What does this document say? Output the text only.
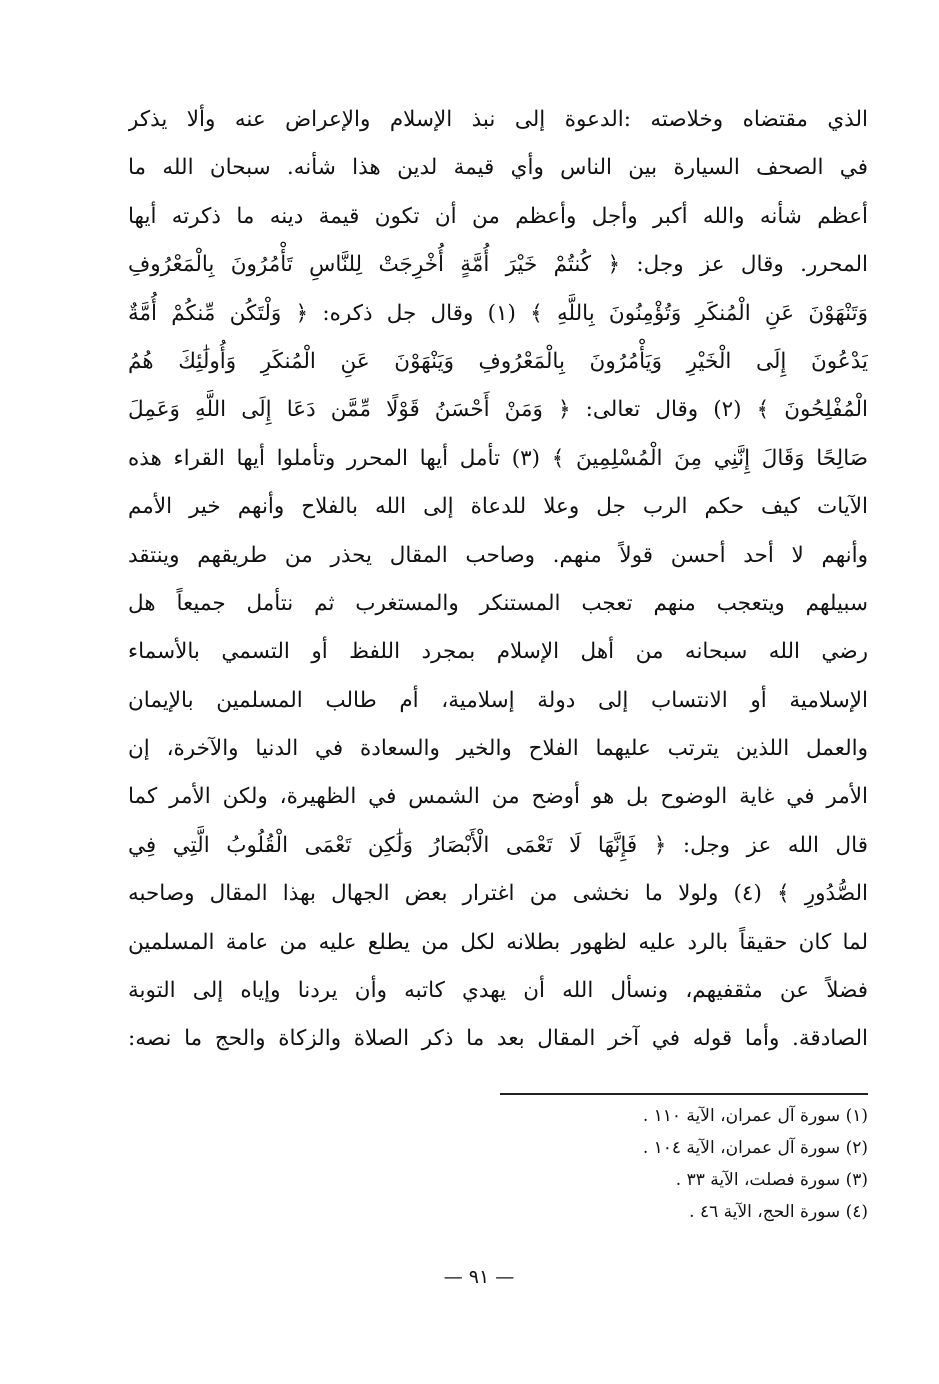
الذي مقتضاه وخلاصته :الدعوة إلى نبذ الإسلام والإعراض عنه وألا يذكر
في الصحف السيارة بين الناس وأي قيمة لدين هذا شأنه. سبحان الله ما
أعظم شأنه والله أكبر وأجل وأعظم من أن تكون قيمة دينه ما ذكرته أيها
المحرر. وقال عز وجل: ﴿ كُنتُمْ خَيْرَ أُمَّةٍ أُخْرِجَتْ لِلنَّاسِ تَأْمُرُونَ بِالْمَعْرُوفِ
وَتَنْهَوْنَ عَنِ الْمُنكَرِ وَتُؤْمِنُونَ بِاللَّهِ ﴾ (١) وقال جل ذكره: ﴿ وَلْتَكُن مِّنكُمْ أُمَّةٌ
يَدْعُونَ إِلَى الْخَيْرِ وَيَأْمُرُونَ بِالْمَعْرُوفِ وَيَنْهَوْنَ عَنِ الْمُنكَرِ وَأُولَٰئِكَ هُمُ
الْمُفْلِحُونَ ﴾ (٢) وقال تعالى: ﴿ وَمَنْ أَحْسَنُ قَوْلًا مِّمَّن دَعَا إِلَى اللَّهِ وَعَمِلَ
صَالِحًا وَقَالَ إِنَّنِي مِنَ الْمُسْلِمِينَ ﴾ (٣) تأمل أيها المحرر وتأملوا أيها القراء هذه
الآيات كيف حكم الرب جل وعلا للدعاة إلى الله بالفلاح وأنهم خير الأمم
وأنهم لا أحد أحسن قولاً منهم. وصاحب المقال يحذر من طريقهم وينتقد
سبيلهم ويتعجب منهم تعجب المستنكر والمستغرب ثم نتأمل جميعاً هل
رضي الله سبحانه من أهل الإسلام بمجرد اللفظ أو التسمي بالأسماء
الإسلامية أو الانتساب إلى دولة إسلامية، أم طالب المسلمين بالإيمان
والعمل اللذين يترتب عليهما الفلاح والخير والسعادة في الدنيا والآخرة، إن
الأمر في غاية الوضوح بل هو أوضح من الشمس في الظهيرة، ولكن الأمر كما
قال الله عز وجل: ﴿ فَإِنَّهَا لَا تَعْمَى الْأَبْصَارُ وَلَٰكِن تَعْمَى الْقُلُوبُ الَّتِي فِي
الصُّدُورِ ﴾ (٤) ولولا ما نخشى من اغترار بعض الجهال بهذا المقال وصاحبه
لما كان حقيقاً بالرد عليه لظهور بطلانه لكل من يطلع عليه من عامة المسلمين
فضلاً عن مثقفيهم، ونسأل الله أن يهدي كاتبه وأن يردنا وإياه إلى التوبة
الصادقة. وأما قوله في آخر المقال بعد ما ذكر الصلاة والزكاة والحج ما نصه:
(١) سورة آل عمران، الآية ١١٠ .
(٢) سورة آل عمران، الآية ١٠٤ .
(٣) سورة فصلت، الآية ٣٣ .
(٤) سورة الحج، الآية ٤٦ .
— ٩١ —
